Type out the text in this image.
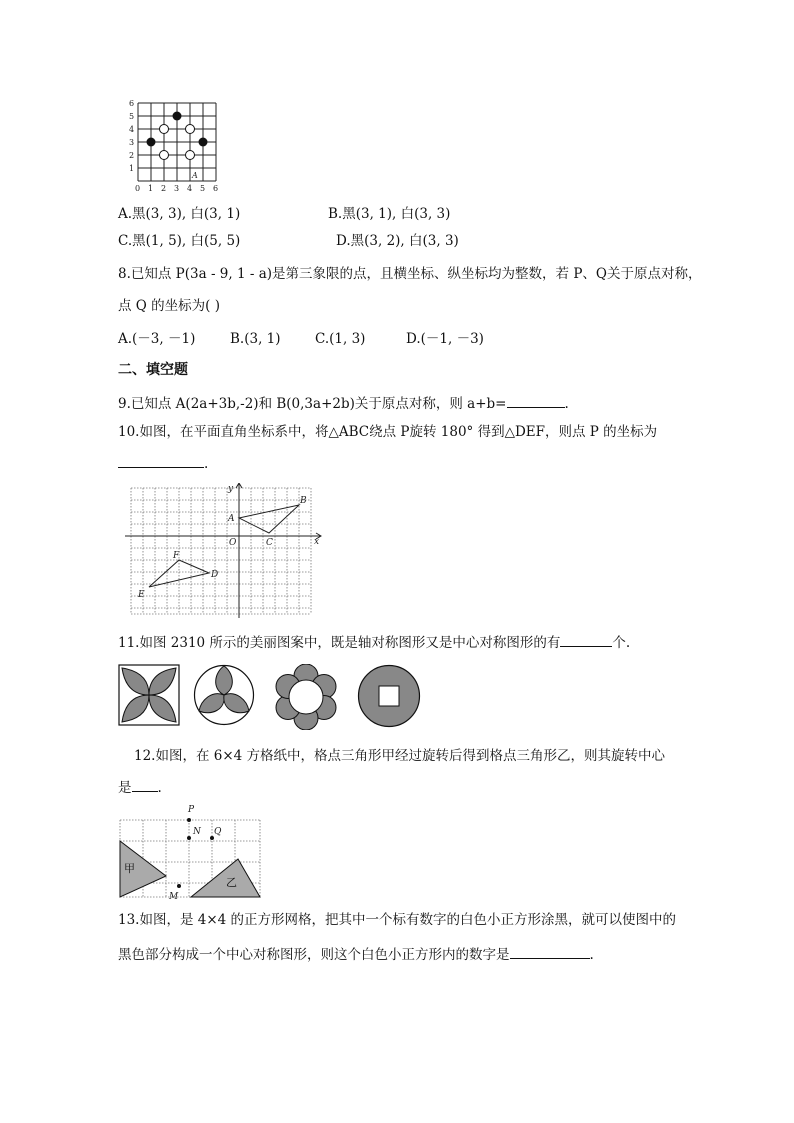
1
2
3
4
5
6
0 1 2 3 4 5 6
A
A.黑(3, 3), 白(3, 1)	B.黑(3, 1), 白(3, 3)
C.黑(1, 5), 白(5, 5)	D.黑(3, 2), 白(3, 3)
8.已知点 P(3a - 9, 1 - a)是第三象限的点，且横坐标、纵坐标均为整数，若 P、Q关于原点对称，
点 Q 的坐标为( )
A.(－3, －1)	B.(3, 1)	C.(1, 3)	D.(－1, －3)
二、填空题
9.已知点 A(2a+3b,-2)和 B(0,3a+2b)关于原点对称，则 a+b=	.
10.如图，在平面直角坐标系中，将△ABC绕点 P旋转 180° 得到△DEF，则点 P 的坐标为
.
y
x
O
A
B
C
D
E
F
11.如图 2310 所示的美丽图案中，既是轴对称图形又是中心对称图形的有	个.
12.如图，在 6×4 方格纸中，格点三角形甲经过旋转后得到格点三角形乙，则其旋转中心
是 .
P
N Q
M
甲
乙
13.如图，是 4×4 的正方形网格，把其中一个标有数字的白色小正方形涂黑，就可以使图中的
黑色部分构成一个中心对称图形，则这个白色小正方形内的数字是	.
